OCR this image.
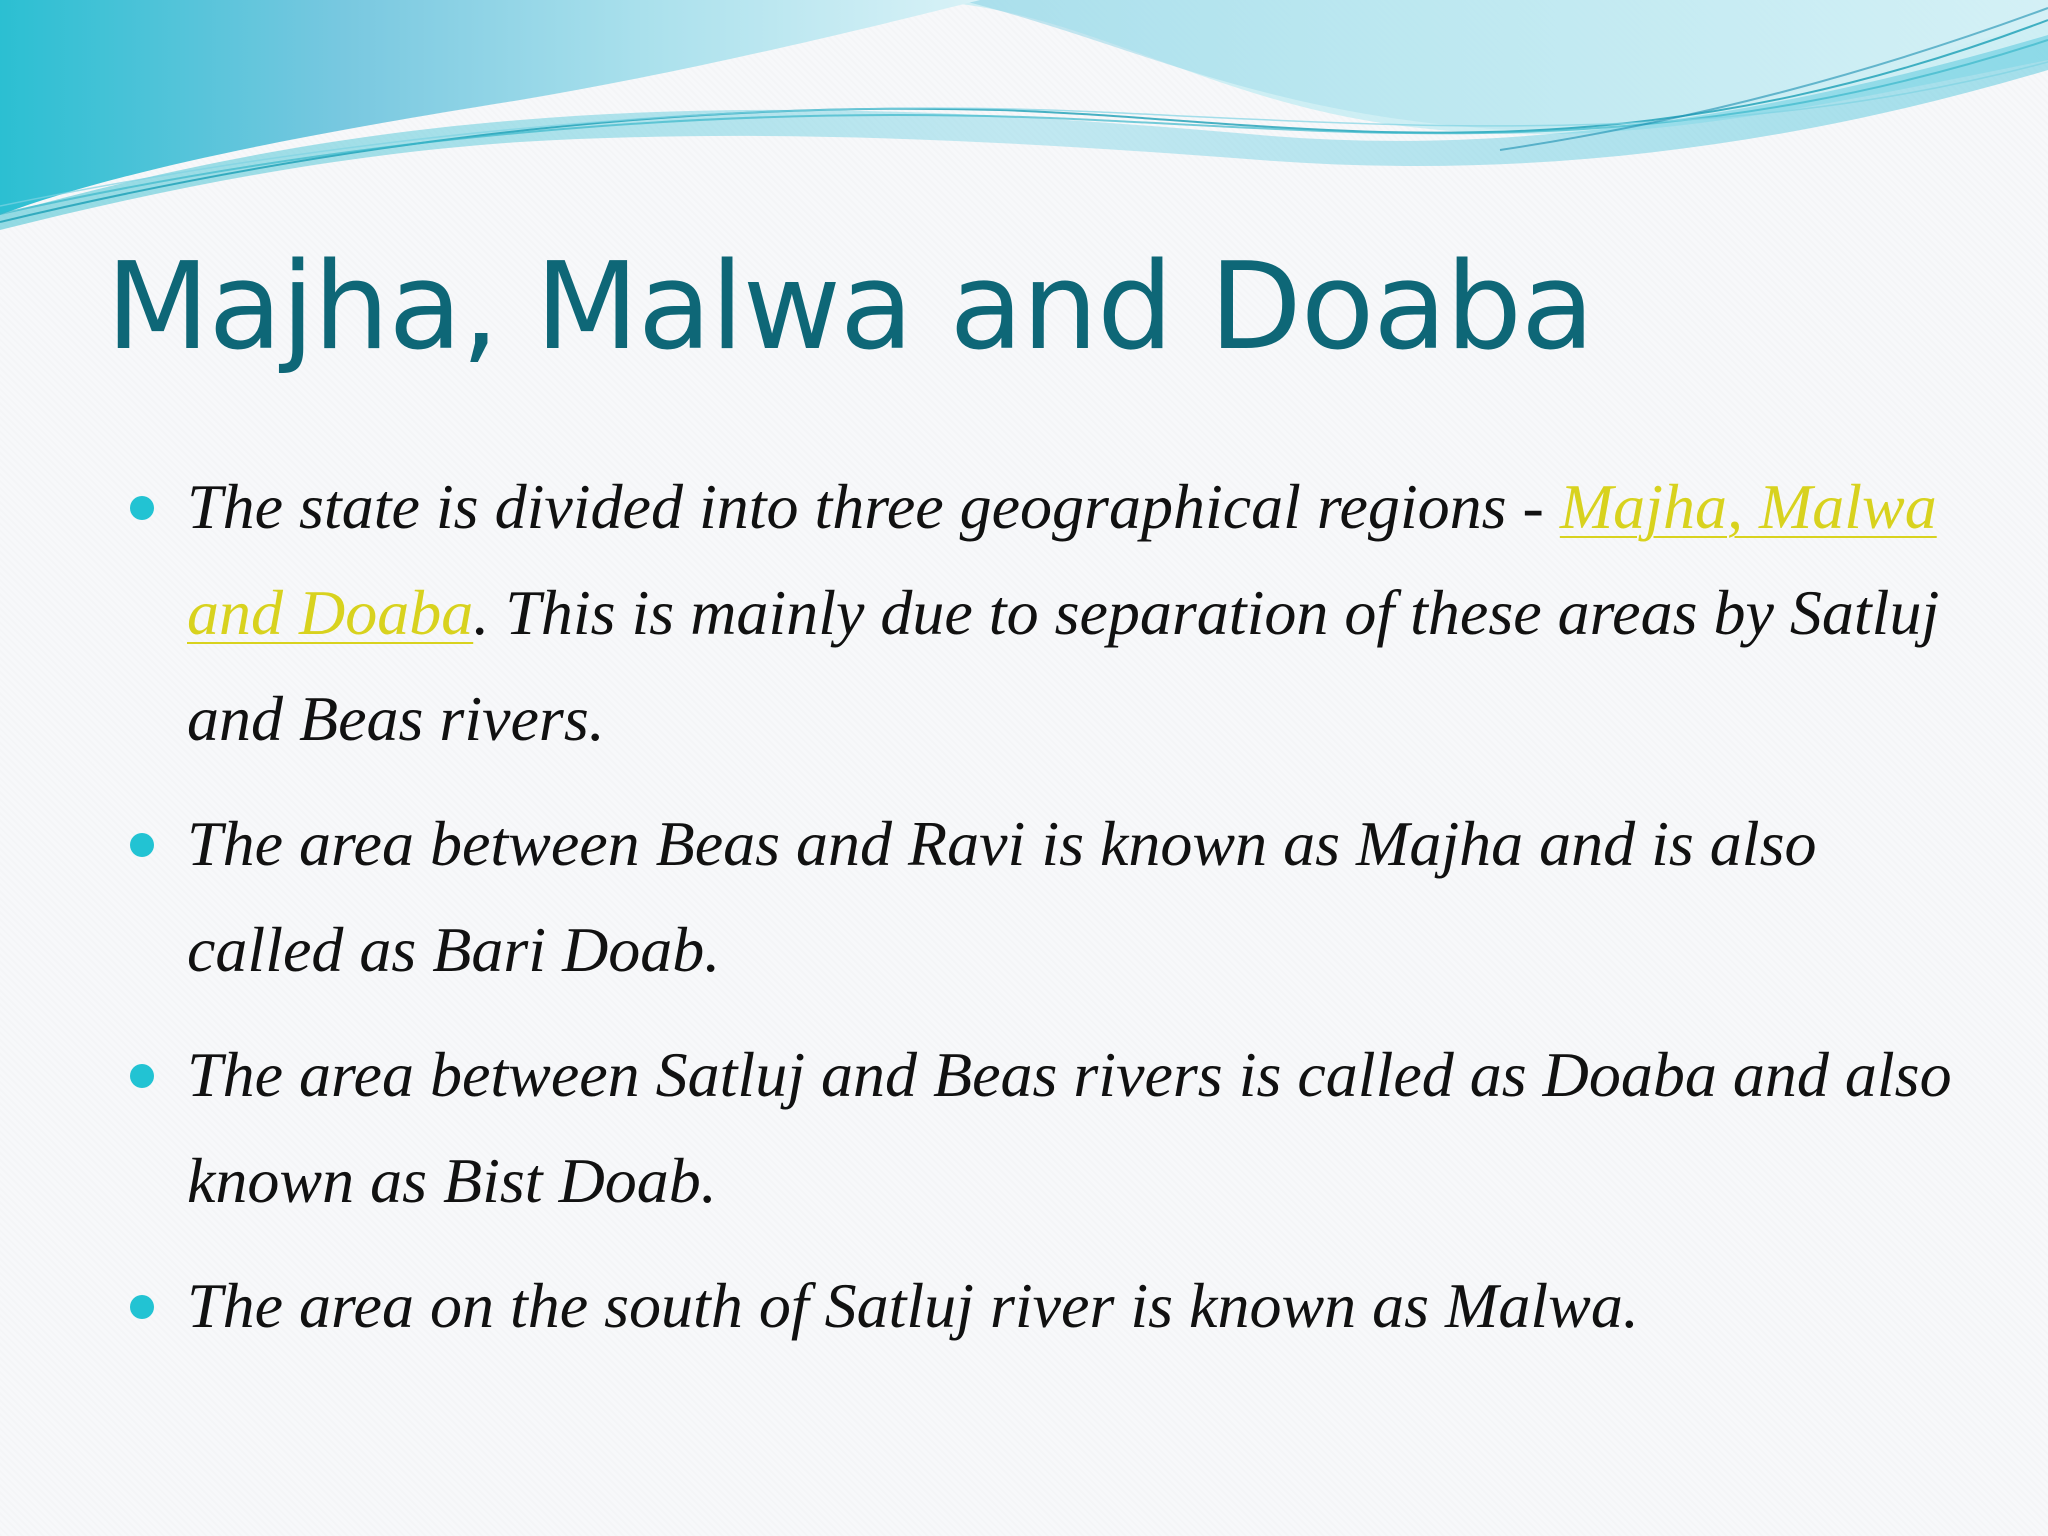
Majha, Malwa and Doaba
The state is divided into three geographical regions - Majha, Malwa and Doaba. This is mainly due to separation of these areas by Satluj and Beas rivers.
The area between Beas and Ravi is known as Majha and is also called as Bari Doab.
The area between Satluj and Beas rivers is called as Doaba and also known as Bist Doab.
The area on the south of Satluj river is known as Malwa.
